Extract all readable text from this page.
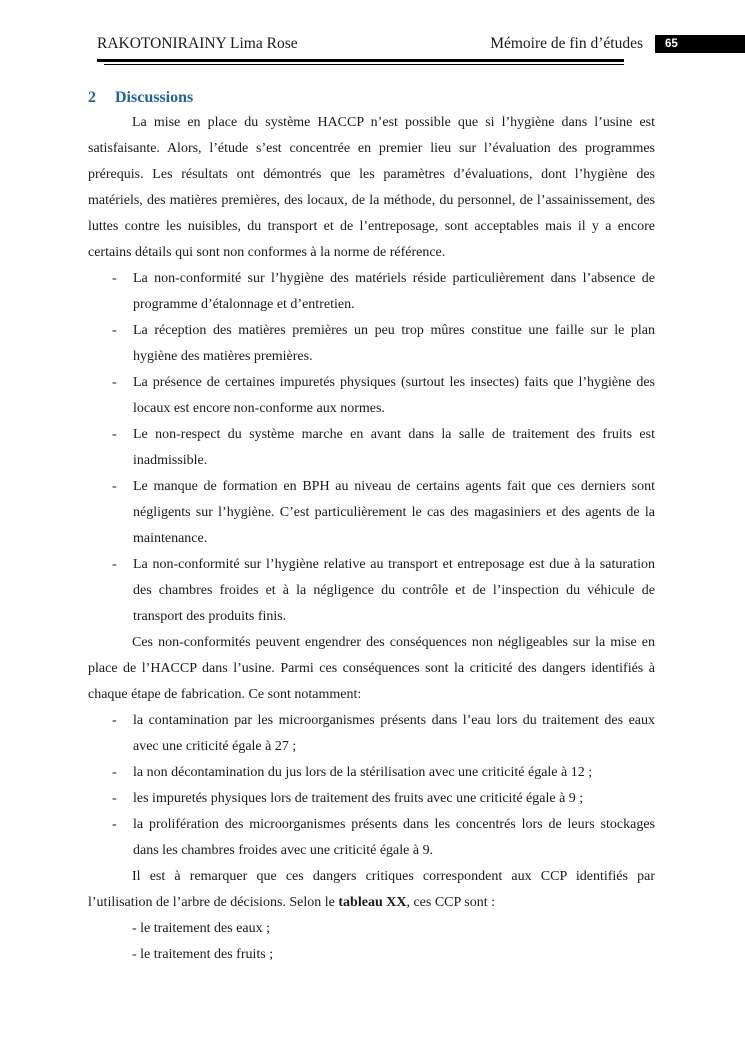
RAKOTONIRAINY Lima Rose	Mémoire de fin d’études	65
2 Discussions

La mise en place du système HACCP n’est possible que si l’hygiène dans l’usine est satisfaisante. Alors, l’étude s’est concentrée en premier lieu sur l’évaluation des programmes prérequis. Les résultats ont démontrés que les paramètres d’évaluations, dont l’hygiène des matériels, des matières premières, des locaux, de la méthode, du personnel, de l’assainissement, des luttes contre les nuisibles, du transport et de l’entreposage, sont acceptables mais il y a encore certains détails qui sont non conformes à la norme de référence.

- La non-conformité sur l’hygiène des matériels réside particulièrement dans l’absence de programme d’étalonnage et d’entretien.
- La réception des matières premières un peu trop mûres constitue une faille sur le plan hygiène des matières premières.
- La présence de certaines impuretés physiques (surtout les insectes) faits que l’hygiène des locaux est encore non-conforme aux normes.
- Le non-respect du système marche en avant dans la salle de traitement des fruits est inadmissible.
- Le manque de formation en BPH au niveau de certains agents fait que ces derniers sont négligents sur l’hygiène. C’est particulièrement le cas des magasiniers et des agents de la maintenance.
- La non-conformité sur l’hygiène relative au transport et entreposage est due à la saturation des chambres froides et à la négligence du contrôle et de l’inspection du véhicule de transport des produits finis.

Ces non-conformités peuvent engendrer des conséquences non négligeables sur la mise en place de l’HACCP dans l’usine. Parmi ces conséquences sont la criticité des dangers identifiés à chaque étape de fabrication. Ce sont notamment:

- la contamination par les microorganismes présents dans l’eau lors du traitement des eaux avec une criticité égale à 27 ;
- la non décontamination du jus lors de la stérilisation avec une criticité égale à 12 ;
- les impuretés physiques lors de traitement des fruits avec une criticité égale à 9 ;
- la prolifération des microorganismes présents dans les concentrés lors de leurs stockages dans les chambres froides avec une criticité égale à 9.

Il est à remarquer que ces dangers critiques correspondent aux CCP identifiés par l’utilisation de l’arbre de décisions. Selon le tableau XX, ces CCP sont :

- le traitement des eaux ;

- le traitement des fruits ;
